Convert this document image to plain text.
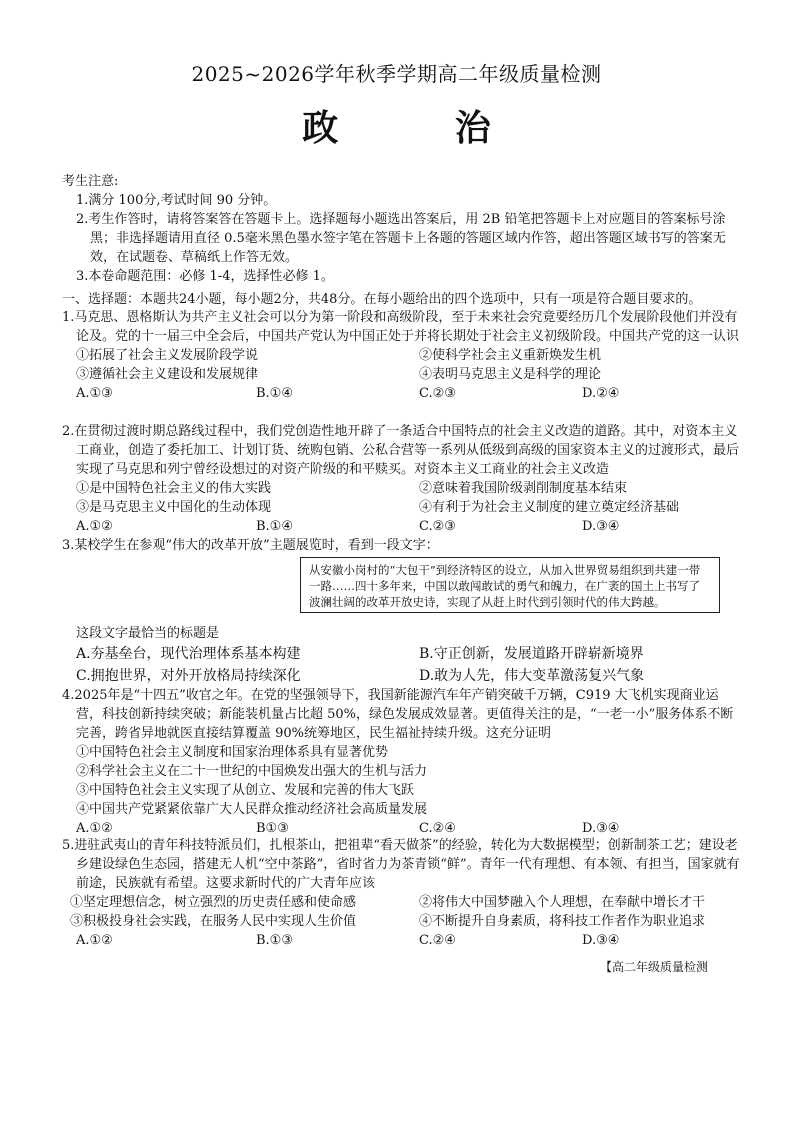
2025~2026学年秋季学期高二年级质量检测
政 治
考生注意:
1.满分 100分,考试时间 90 分钟。
2.考生作答时，请将答案答在答题卡上。选择题每小题选出答案后，用 2B 铅笔把答题卡上对应题目的答案标号涂黑；非选择题请用直径 0.5毫米黑色墨水签字笔在答题卡上各题的答题区域内作答，超出答题区域书写的答案无效，在试题卷、草稿纸上作答无效。
3.本卷命题范围：必修 1-4，选择性必修 1。
一、选择题：本题共24小题，每小题2分，共48分。在每小题给出的四个选项中，只有一项是符合题目要求的。
1.马克思、恩格斯认为共产主义社会可以分为第一阶段和高级阶段，至于未来社会究竟要经历几个发展阶段他们并没有论及。党的十一届三中全会后，中国共产党认为中国正处于并将长期处于社会主义初级阶段。中国共产党的这一认识
①拓展了社会主义发展阶段学说	②使科学社会主义重新焕发生机
③遵循社会主义建设和发展规律	④表明马克思主义是科学的理论
A.①③	B.①④	C.②③	D.②④
2.在贯彻过渡时期总路线过程中，我们党创造性地开辟了一条适合中国特点的社会主义改造的道路。其中，对资本主义工商业，创造了委托加工、计划订货、统购包销、公私合营等一系列从低级到高级的国家资本主义的过渡形式，最后实现了马克思和列宁曾经设想过的对资产阶级的和平赎买。对资本主义工商业的社会主义改造
①是中国特色社会主义的伟大实践	②意味着我国阶级剥削制度基本结束
③是马克思主义中国化的生动体现	④有利于为社会主义制度的建立奠定经济基础
A.①②	B.①④	C.②③	D.③④
3.某校学生在参观“伟大的改革开放”主题展览时，看到一段文字：
从安徽小岗村的“大包干”到经济特区的设立，从加入世界贸易组织到共建一带一路……四十多年来，中国以敢闯敢试的勇气和魄力，在广袤的国土上书写了波澜壮阔的改革开放史诗，实现了从赶上时代到引领时代的伟大跨越。
这段文字最恰当的标题是
A.夯基垒台，现代治理体系基本构建	B.守正创新，发展道路开辟崭新境界
C.拥抱世界，对外开放格局持续深化	D.敢为人先，伟大变革激荡复兴气象
4.2025年是“十四五”收官之年。在党的坚强领导下，我国新能源汽车年产销突破千万辆，C919 大飞机实现商业运营，科技创新持续突破；新能装机量占比超 50%，绿色发展成效显著。更值得关注的是，“一老一小”服务体系不断完善，跨省异地就医直接结算覆盖 90%统筹地区，民生福祉持续升级。这充分证明
①中国特色社会主义制度和国家治理体系具有显著优势
②科学社会主义在二十一世纪的中国焕发出强大的生机与活力
③中国特色社会主义实现了从创立、发展和完善的伟大飞跃
④中国共产党紧紧依靠广大人民群众推动经济社会高质量发展
A.①②	B①③	C.②④	D.③④
5.进驻武夷山的青年科技特派员们，扎根茶山，把祖辈“看天做茶”的经验，转化为大数据模型；创新制茶工艺；建设老乡建设绿色生态园，搭建无人机“空中茶路”，省时省力为茶青锁“鲜”。青年一代有理想、有本领、有担当，国家就有前途，民族就有希望。这要求新时代的广大青年应该
①坚定理想信念，树立强烈的历史责任感和使命感	②将伟大中国梦融入个人理想，在奉献中增长才干
③积极投身社会实践，在服务人民中实现人生价值	④不断提升自身素质，将科技工作者作为职业追求
A.①②	B.①③	C.②④	D.③④
【高二年级质量检测
